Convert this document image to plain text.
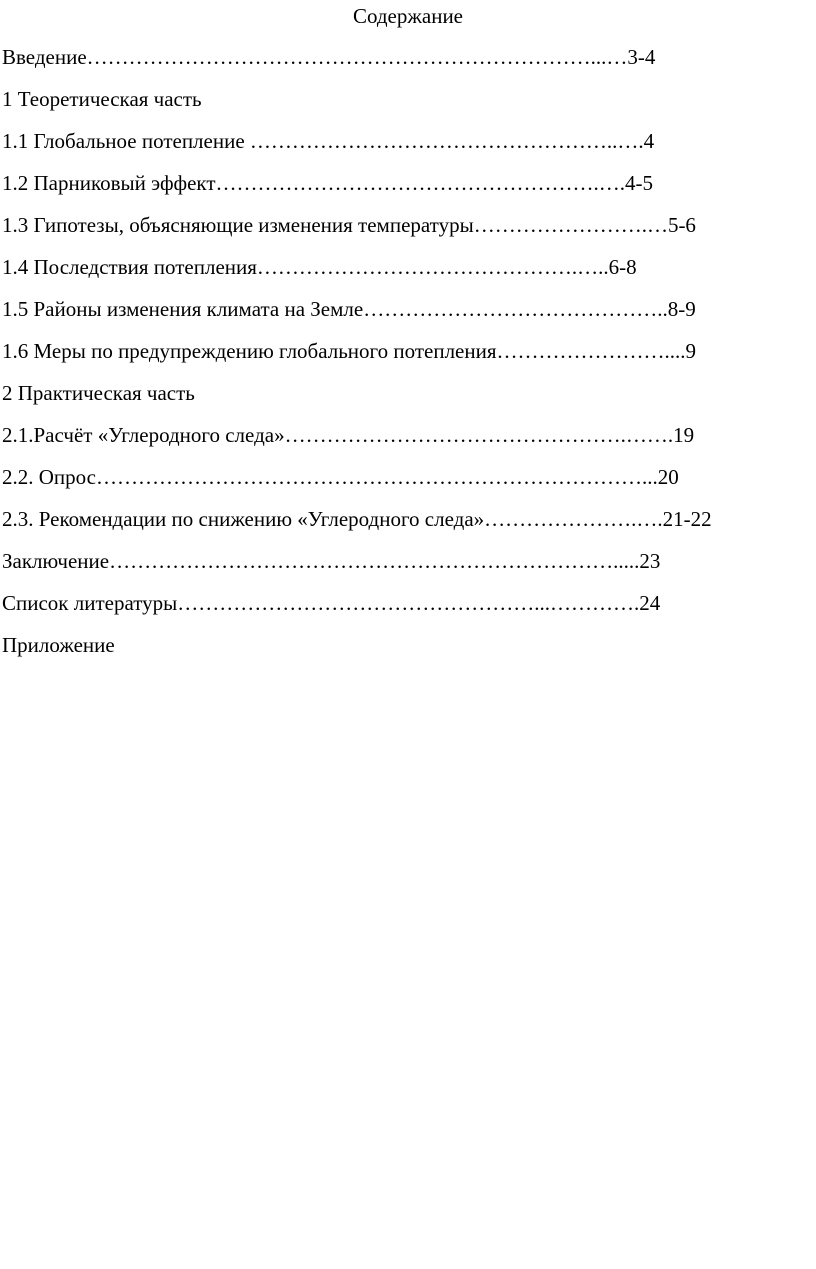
Содержание
Введение………………………………………………………………...…3-4
1 Теоретическая часть
1.1 Глобальное потепление ……………………………………………..….4
1.2 Парниковый эффект……………………………………………….….4-5
1.3 Гипотезы, объясняющие изменения температуры…………………….…5-6
1.4 Последствия потепления……………………………………….…..6-8
1.5 Районы изменения климата на Земле……………………………………..8-9
1.6 Меры по предупреждению глобального потепления……………………....9
2 Практическая часть
2.1.Расчёт «Углеродного следа»………………………………………….…….19
2.2. Опрос……………………………………………………………………...20
2.3. Рекомендации по снижению «Углеродного следа»………………….….21-22
Заключение……………………………………………………………….....23
Список литературы……………………………………………...………….24
Приложение
